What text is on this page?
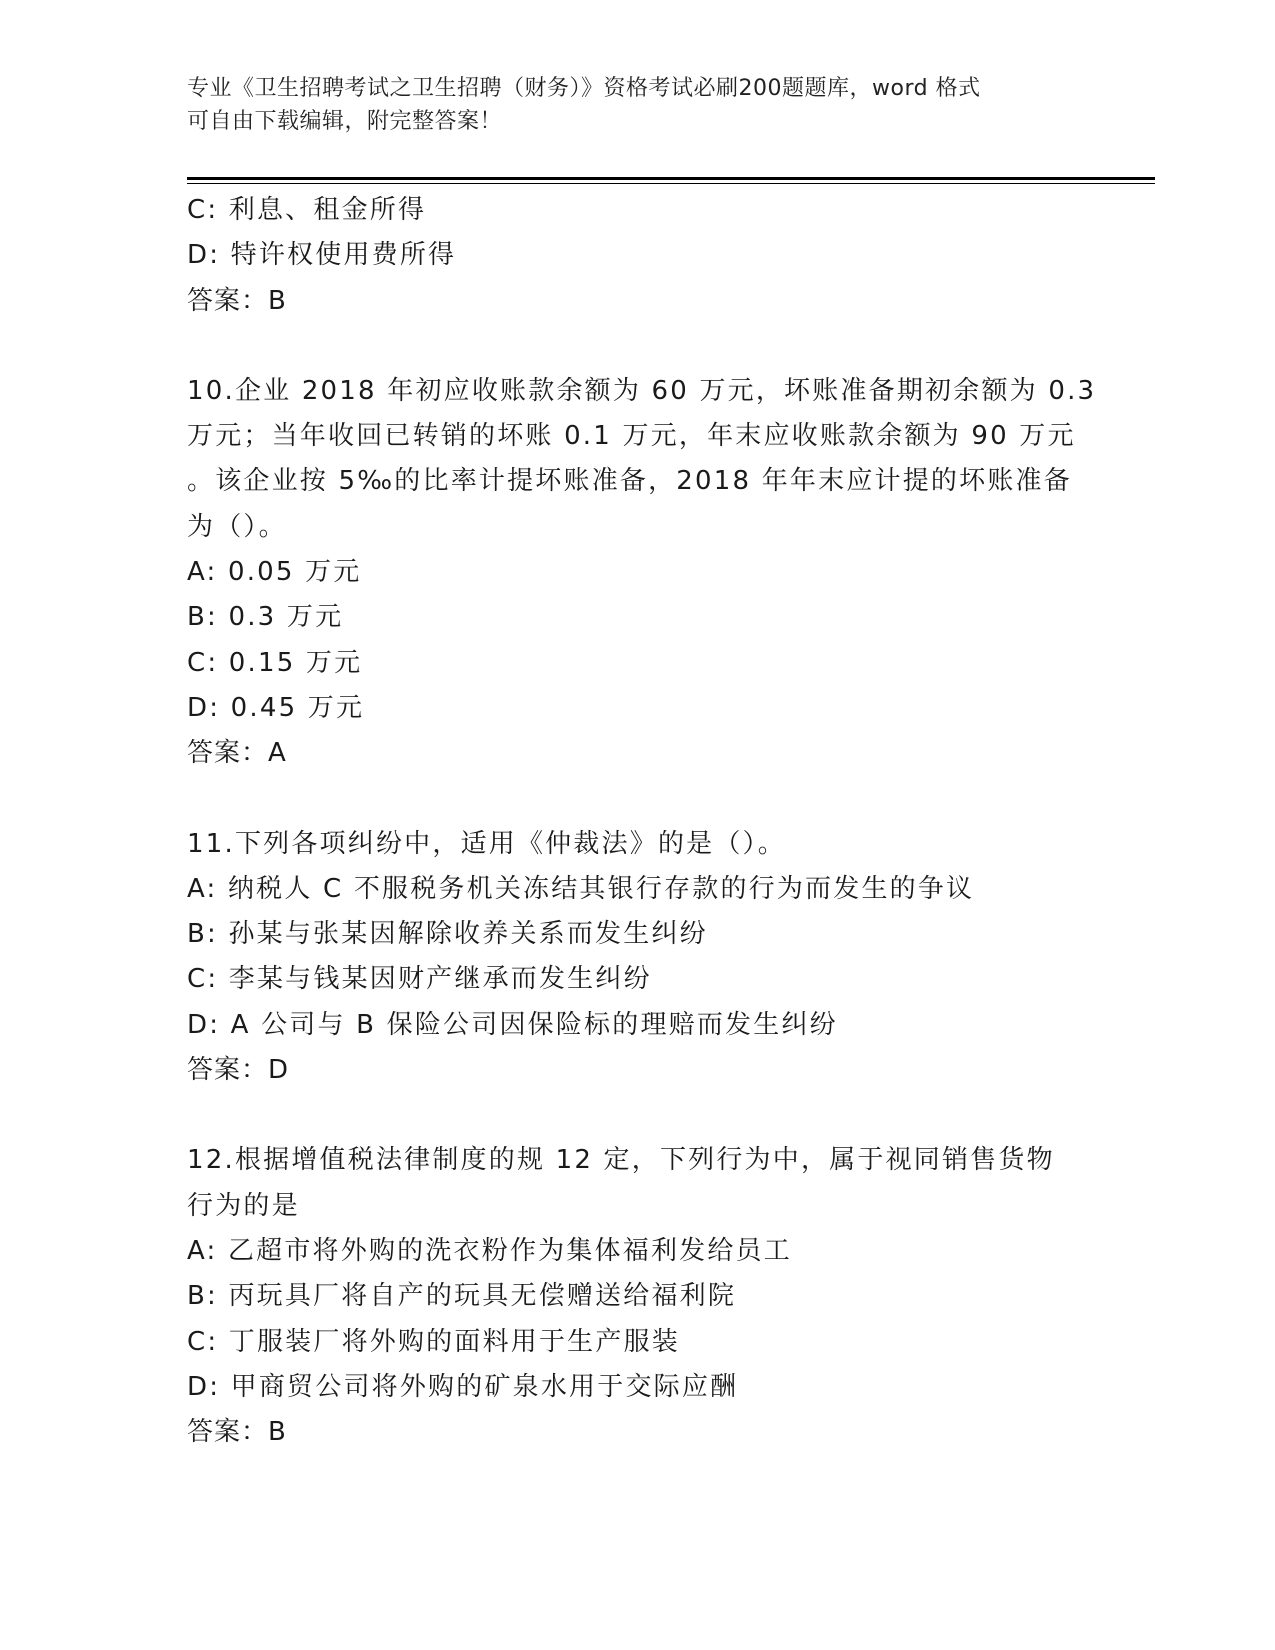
专业《卫生招聘考试之卫生招聘（财务）》资格考试必刷200题题库，word 格式
可自由下载编辑，附完整答案！
C: 利息、租金所得
D: 特许权使用费所得
答案：B
10.企业 2018 年初应收账款余额为 60 万元，坏账准备期初余额为 0.3
万元；当年收回已转销的坏账 0.1 万元，年末应收账款余额为 90 万元
。该企业按 5‰的比率计提坏账准备，2018 年年末应计提的坏账准备
为（）。
A: 0.05 万元
B: 0.3 万元
C: 0.15 万元
D: 0.45 万元
答案：A
11.下列各项纠纷中，适用《仲裁法》的是（）。
A: 纳税人 C 不服税务机关冻结其银行存款的行为而发生的争议
B: 孙某与张某因解除收养关系而发生纠纷
C: 李某与钱某因财产继承而发生纠纷
D: A 公司与 B 保险公司因保险标的理赔而发生纠纷
答案：D
12.根据增值税法律制度的规 12 定，下列行为中，属于视同销售货物
行为的是
A: 乙超市将外购的洗衣粉作为集体福利发给员工
B: 丙玩具厂将自产的玩具无偿赠送给福利院
C: 丁服装厂将外购的面料用于生产服装
D: 甲商贸公司将外购的矿泉水用于交际应酬
答案：B
